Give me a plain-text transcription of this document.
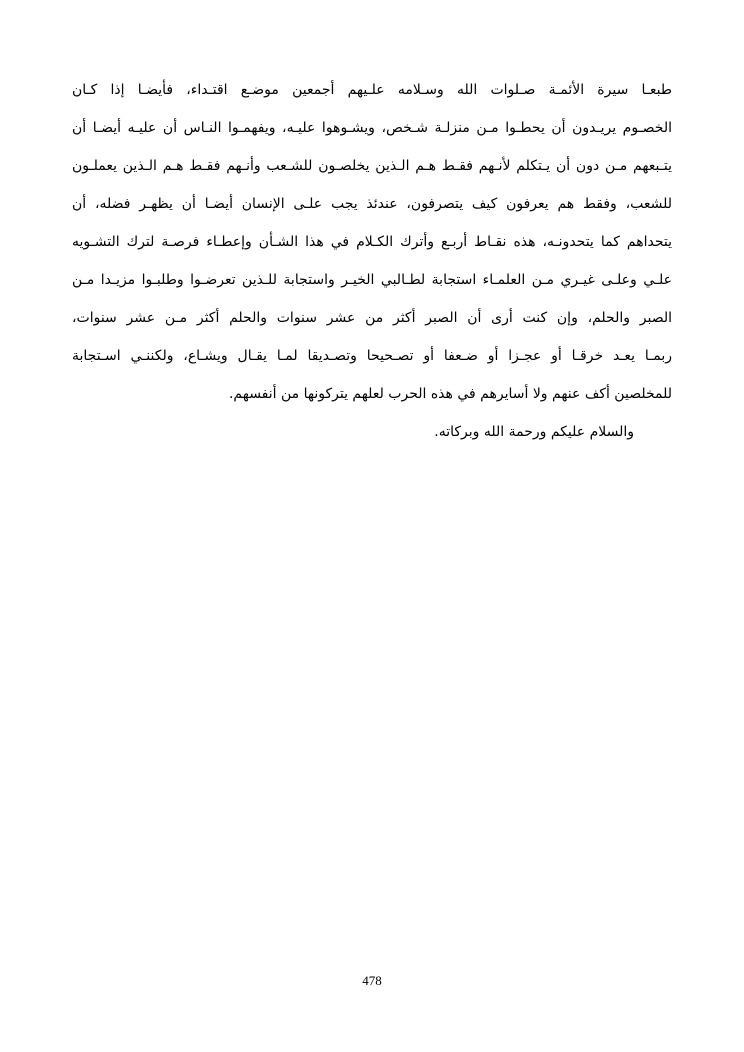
طبعـا سيرة الأئمـة صـلوات الله وسـلامه علـيهم أجمعين موضـع اقتـداء، فأيضـا إذا كـان
الخصـوم يريـدون أن يحطـوا مـن منزلـة شـخص، ويشـوهوا عليـه، ويفهمـوا النـاس أن عليـه أيضـا أن
يتـبعهم مـن دون أن يـتكلم لأنـهم فقـط هـم الـذين يخلصـون للشـعب وأنـهم فقـط هـم الـذين يعملـون
للشعب، وفقط هم يعرفون كيف يتصرفون، عندئذ يجب علـى الإنسان أيضـا أن يظهـر فضله، أن
يتحداهم كما يتحدونـه، هذه نقـاط أربـع وأترك الكـلام في هذا الشـأن وإعطـاء فرصـة لترك التشـويه
علـي وعلـى غيـري مـن العلمـاء استجابة لطـالبي الخيـر واستجابة للـذين تعرضـوا وطلبـوا مزيـدا مـن
الصبر والحلم، وإن كنت أرى أن الصبر أكثر من عشر سنوات والحلم أكثر مـن عشر سنوات،
ربمـا يعـد خرقـا أو عجـزا أو ضـعفا أو تصـحيحا وتصـديقا لمـا يقـال ويشـاع، ولكننـي اسـتجابة
للمخلصين أكف عنهم ولا أسايرهم في هذه الحرب لعلهم يتركونها من أنفسهم.
والسلام عليكم ورحمة الله وبركاته.
478
